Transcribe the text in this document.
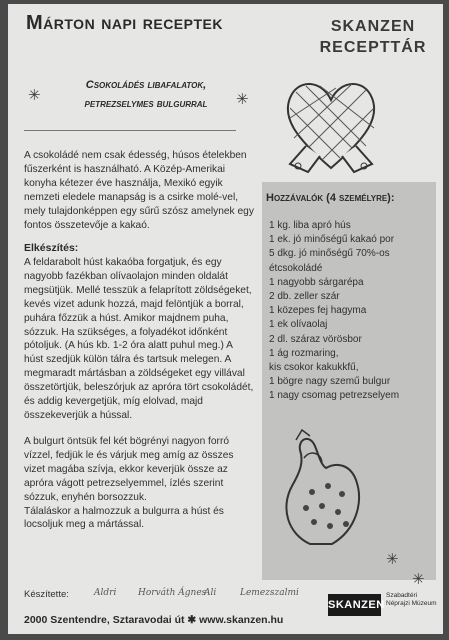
Márton napi receptek	SKANZEN
RECEPTTÁR
Csokoládés libafalatok,
petrezselymes bulgurral
✳	✳

A csokoládé nem csak édesség, húsos ételekben fűszerként is használható. A Közép-Amerikai konyha kétezer éve használja, Mexikó egyik nemzeti eledele manapság is a csirke molé-vel, mely tulajdonképpen egy sűrű szósz amelynek egy fontos összetevője a kakaó.

Elkészítés:

A feldarabolt húst kakaóba forgatjuk, és egy nagyobb fazékban olívaolajon minden oldalát megsütjük. Mellé tesszük a felaprított zöldségeket, kevés vizet adunk hozzá, majd felöntjük a borral, puhára főzzük a húst. Amikor majdnem puha, sózzuk. Ha szükséges, a folyadékot időnként pótoljuk. (A hús kb. 1-2 óra alatt puhul meg.) A húst szedjük külön tálra és tartsuk melegen. A megmaradt mártásban a zöldségeket egy villával összetörtjük, beleszórjuk az apróra tört csokoládét, és addig kevergetjük, míg elolvad, majd összekeverjük a hússal.

A bulgurt öntsük fel két bögrényi nagyon forró vízzel, fedjük le és várjuk meg amíg az összes vizet magába szívja, ekkor keverjük össze az apróra vágott petrezselyemmel, ízlés szerint sózzuk, enyhén borsozzuk.

Tálaláskor a halmozzuk a bulgurra a húst és locsoljuk meg a mártással.

Hozzávalók (4 személyre):
1 kg. liba apró hús
1 ek. jó minőségű kakaó por
5 dkg. jó minőségű 70%-os étcsokoládé
1 nagyobb sárgarépa
2 db. zeller szár
1 közepes fej hagyma
1 ek olívaolaj
2 dl. száraz vörösbor
1 ág rozmaring,
kis csokor kakukkfű,
1 bögre nagy szemű bulgur
1 nagy csomag petrezselyem
✳
✳
Készítette:	Aldri Horváth Ágnes
Ali	Lemezszalmi
2000 Szentendre, Sztaravodai út ✱ www.skanzen.hu
SKANZEN
Szabadtéri Néprajzi Múzeum
